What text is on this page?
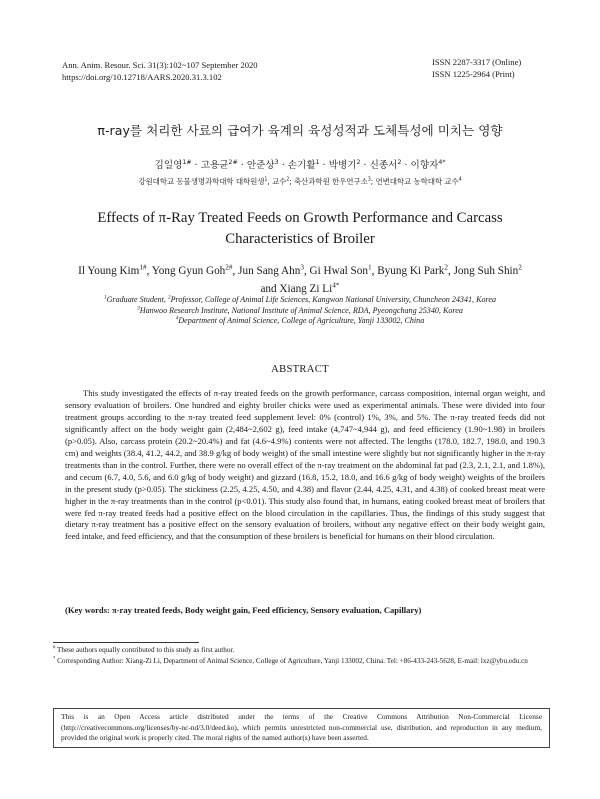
Ann. Anim. Resour. Sci. 31(3):102~107 September 2020
https://doi.org/10.12718/AARS.2020.31.3.102
ISSN 2287-3317 (Online)
ISSN 1225-2964 (Print)
π-ray를 처리한 사료의 급여가 육계의 육성성적과 도체특성에 미치는 영향
김일영$^{1\#}$ · 고용균$^{2\#}$ · 안준상$^3$ · 손기활$^1$ · 박병기$^2$ · 신종서$^2$ · 이향자$^{4*}$
강원대학교 동물생명과학대학 대학원생$^1$, 교수$^2$; 축산과학원 한우연구소$^3$; 연변대학교 농학대학 교수$^4$
Effects of π-Ray Treated Feeds on Growth Performance and Carcass
Characteristics of Broiler
Il Young Kim$^{1\#}$, Yong Gyun Goh$^{2\#}$, Jun Sang Ahn$^3$, Gi Hwal Son$^1$, Byung Ki Park$^2$, Jong Suh Shin$^2$
and Xiang Zi $Li^{4*}$
$^1$Graduate Student, $^2$Professor, College of Animal Life Sciences, Kangwon National University, Chuncheon 24341, Korea
$^3$Hanwoo Research Institute, National Institute of Animal Science, RDA, Pyeongchang 25340, Korea
$^4$Department of Animal Science, College of Agriculture, Yanji 133002, China
ABSTRACT
This study investigated the effects of π-ray treated feeds on the growth performance, carcass composition, internal organ weight, and sensory evaluation of broilers. One hundred and eighty broiler chicks were used as experimental animals. These were divided into four treatment groups according to the π-ray treated feed supplement level: 0% (control) 1%, 3%, and 5%. The π-ray treated feeds did not significantly affect on the body weight gain (2,484~2,602 g), feed intake (4,747~4,944 g), and feed efficiency (1.90~1.98) in broilers (p>0.05). Also, carcass protein (20.2~20.4%) and fat (4.6~4.9%) contents were not affected. The lengths (178.0, 182.7, 198.0, and 190.3 cm) and weights (38.4, 41.2, 44.2, and 38.9 g/kg of body weight) of the small intestine were slightly but not significantly higher in the π-ray treatments than in the control. Further, there were no overall effect of the π-ray treatment on the abdominal fat pad (2.3, 2.1, 2.1, and 1.8%), and cecum (6.7, 4.0, 5.6, and 6.0 g/kg of body weight) and gizzard (16.8, 15.2, 18.0, and 16.6 g/kg of body weight) weights of the broilers in the present study (p>0.05). The stickiness (2.25, 4.25, 4.50, and 4.38) and flavor (2.44, 4.25, 4.31, and 4.38) of cooked breast meat were higher in the π-ray treatments than in the control (p<0.01). This study also found that, in humans, eating cooked breast meat of broilers that were fed π-ray treated feeds had a positive effect on the blood circulation in the capillaries. Thus, the findings of this study suggest that dietary π-ray treatment has a positive effect on the sensory evaluation of broilers, without any negative effect on their body weight gain, feed intake, and feed efficiency, and that the consumption of these broilers is beneficial for humans on their blood circulation.
(Key words: π-ray treated feeds, Body weight gain, Feed efficiency, Sensory evaluation, Capillary)
# These authors equally contributed to this study as first author.
* Corresponding Author: Xiang-Zi Li, Department of Animal Science, College of Agriculture, Yanji 133002, China. Tel: +86-433-243-5628, E-mail: lxz@ybu.edu.cn
This is an Open Access article distributed under the terms of the Creative Commons Attribution Non-Commercial License (http://creativecommons.org/licenses/by-nc-nd/3.0/deed.ko), which permits unrestricted non-commercial use, distribution, and reproduction in any medium, provided the original work is properly cited. The moral rights of the named author(s) have been asserted.
